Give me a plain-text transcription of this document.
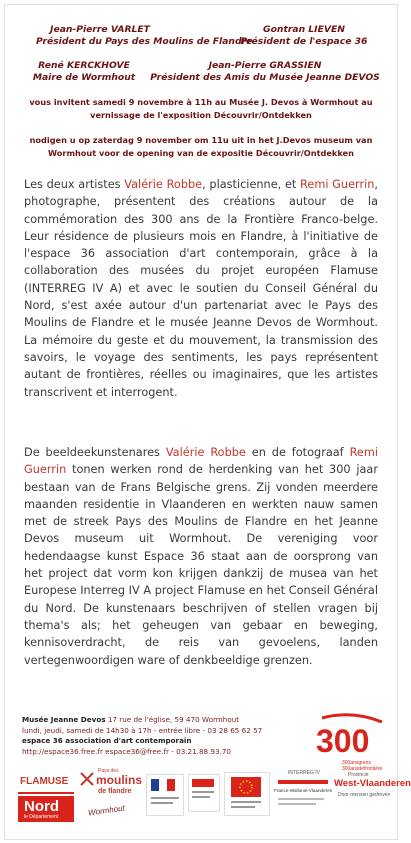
Jean-Pierre VARLET
Président du Pays des Moulins de Flandre
Gontran LIEVEN
Président de l'espace 36
René KERCKHOVE
Maire de Wormhout
Jean-Pierre GRASSIEN
Président des Amis du Musée Jeanne DEVOS
vous invitent samedi 9 novembre à 11h au Musée J. Devos à Wormhout au vernissage de l'exposition Découvrir/Ontdekken
nodigen u op zaterdag 9 november om 11u uit in het J.Devos museum van Wormhout voor de opening van de expositie Découvrir/Ontdekken
Les deux artistes Valérie Robbe, plasticienne, et Remi Guerrin, photographe, présentent des créations autour de la commémoration des 300 ans de la Frontière Franco-belge. Leur résidence de plusieurs mois en Flandre, à l'initiative de l'espace 36 association d'art contemporain, grâce à la collaboration des musées du projet européen Flamuse (INTERREG IV A) et avec le soutien du Conseil Général du Nord, s'est axée autour d'un partenariat avec le Pays des Moulins de Flandre et le musée Jeanne Devos de Wormhout. La mémoire du geste et du mouvement, la transmission des savoirs, le voyage des sentiments, les pays représentent autant de frontières, réelles ou imaginaires, que les artistes transcrivent et interrogent.
De beeldeekunstenares Valérie Robbe en de fotograaf Remi Guerrin tonen werken rond de herdenking van het 300 jaar bestaan van de Frans Belgische grens. Zij vonden meerdere maanden residentie in Vlaanderen en werkten nauw samen met de streek Pays des Moulins de Flandre en het Jeanne Devos museum uit Wormhout. De vereniging voor hedendaagse kunst Espace 36 staat aan de oorsprong van het project dat vorm kon krijgen dankzij de musea van het Europese Interreg IV A project Flamuse en het Conseil Général du Nord. De kunstenaars beschrijven of stellen vragen bij thema's als; het geheugen van gebaar en beweging, kennisoverdracht, de reis van gevoelens, landen vertegenwoordigen ware of denkbeeldige grenzen.
Musée Jeanne Devos 17 rue de l'église, 59 470 Wormhout
lundi, jeudi, samedi de 14h30 à 17h - entrée libre - 03 28 65 62 57
espace 36 association d'art contemporain
http://espace36.free.fr espace36@free.fr - 03.21.88.93.70	300
300ansgrens
300ansdefrontière
FLAMUSE
Nord
le Département
Pays des
moulins
de flandre
Wormhout
INTERREG IV
France-Wallonie-Vlaanderen
Provincie
West-Vlaanderen
Door mensen gedreven
